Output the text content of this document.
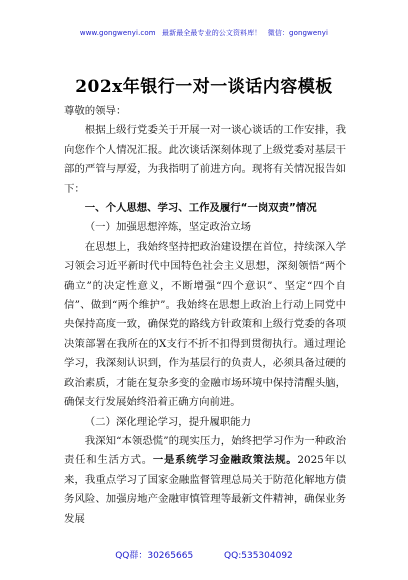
www.gongwenyi.com 最新最全最专业的公文资料库！ 微信：gongwenyi
202x年银行一对一谈话内容模板

尊敬的领导：

根据上级行党委关于开展一对一谈心谈话的工作安排，我向您作个人情况汇报。此次谈话深刻体现了上级党委对基层干部的严管与厚爱，为我指明了前进方向。现将有关情况报告如下：

一、个人思想、学习、工作及履行“一岗双责”情况

（一）加强思想淬炼，坚定政治立场

在思想上，我始终坚持把政治建设摆在首位，持续深入学习领会习近平新时代中国特色社会主义思想，深刻领悟“两个确立”的决定性意义，不断增强“四个意识”、坚定“四个自信”、做到“两个维护”。我始终在思想上政治上行动上同党中央保持高度一致，确保党的路线方针政策和上级行党委的各项决策部署在我所在的X支行不折不扣得到贯彻执行。通过理论学习，我深刻认识到，作为基层行的负责人，必须具备过硬的政治素质，才能在复杂多变的金融市场环境中保持清醒头脑，确保支行发展始终沿着正确方向前进。

（二）深化理论学习，提升履职能力

我深知“本领恐慌”的现实压力，始终把学习作为一种政治责任和生活方式。一是系统学习金融政策法规。2025年以来，我重点学习了国家金融监督管理总局关于防范化解地方债务风险、加强房地产金融审慎管理等最新文件精神，确保业务发展

QQ群：30265665	QQ:535304092
